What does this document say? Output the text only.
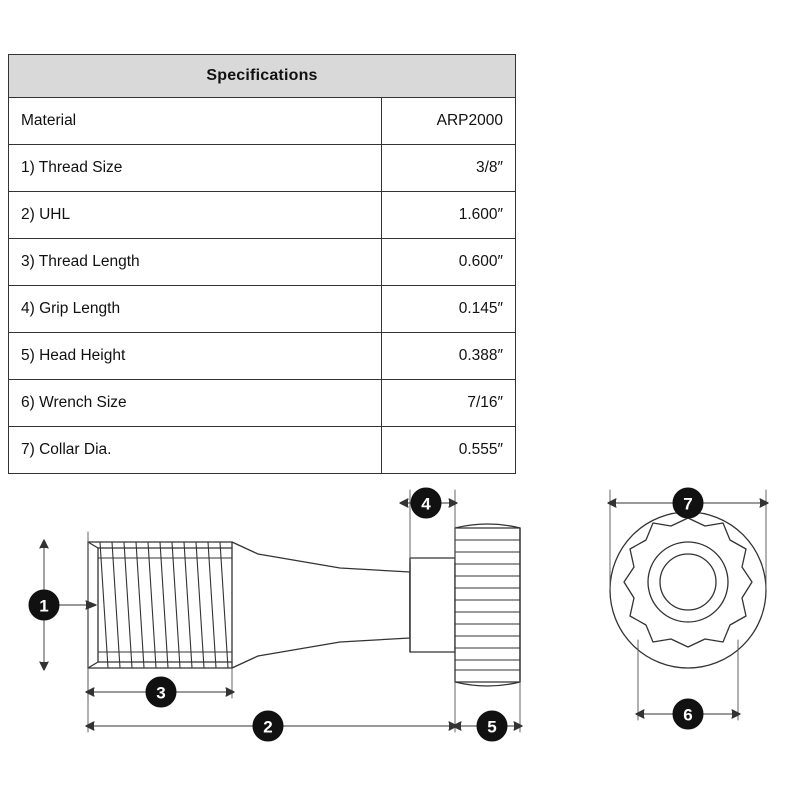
Specifications	
Material	ARP2000
1) Thread Size	3/8″
2) UHL	1.600″
3) Thread Length	0.600″
4) Grip Length	0.145″
5) Head Height	0.388″
6) Wrench Size	7/16″
7) Collar Dia.	0.555″
1
2
3
4
5
6
7
